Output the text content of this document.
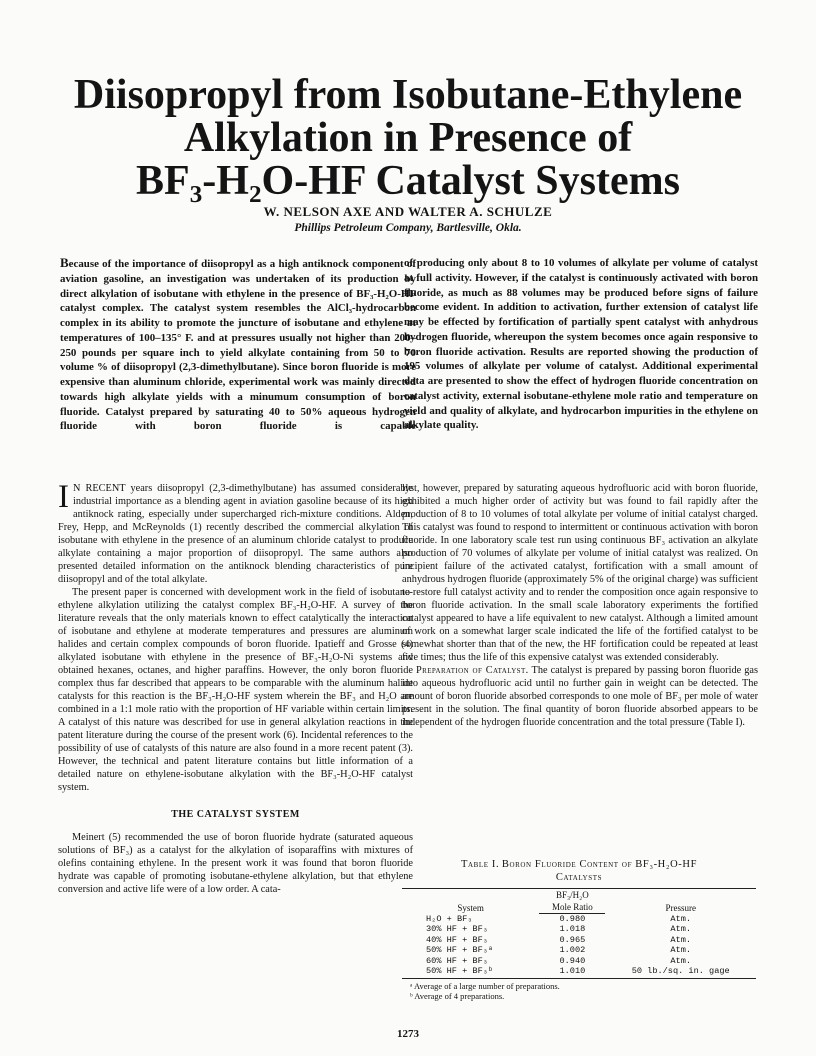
Diisopropyl from Isobutane-Ethylene
Alkylation in Presence of
BF₃-H₂O-HF Catalyst Systems
W. NELSON AXE AND WALTER A. SCHULZE
Phillips Petroleum Company, Bartlesville, Okla.

Because of the importance of diisopropyl as a high antiknock component of aviation gasoline, an investigation was undertaken of its production by direct alkylation of isobutane with ethylene in the presence of BF₃-H₂O-HF catalyst complex. The catalyst system resembles the AlCl₃-hydrocarbon complex in its ability to promote the juncture of isobutane and ethylene at temperatures of 100–135° F. and at pressures usually not higher than 200–250 pounds per square inch to yield alkylate containing from 50 to 70 volume % of diisopropyl (2,3-dimethylbutane). Since boron fluoride is more expensive than aluminum chloride, experimental work was mainly directed towards high alkylate yields with a minumum consumption of boron fluoride. Catalyst prepared by saturating 40 to 50% aqueous hydrogen fluoride with boron fluoride is capable

of producing only about 8 to 10 volumes of alkylate per volume of catalyst at full activity. However, if the catalyst is continuously activated with boron fluoride, as much as 88 volumes may be produced before signs of failure become evident. In addition to activation, further extension of catalyst life may be effected by fortification of partially spent catalyst with anhydrous hydrogen fluoride, whereupon the system becomes once again responsive to boron fluoride activation. Results are reported showing the production of 195 volumes of alkylate per volume of catalyst. Additional experimental data are presented to show the effect of hydrogen fluoride concentration on catalyst activity, external isobutane-ethylene mole ratio and temperature on yield and quality of alkylate, and hydrocarbon impurities in the ethylene on alkylate quality.

I N RECENT years diisopropyl (2,3-dimethylbutane) has assumed considerable industrial importance as a blending agent in aviation gasoline because of its high antiknock rating, especially under supercharged rich-mixture conditions. Alden, Frey, Hepp, and McReynolds (1) recently described the commercial alkylation of isobutane with ethylene in the presence of an aluminum chloride catalyst to produce alkylate containing a major proportion of diisopropyl. The same authors also presented detailed information on the antiknock blending characteristics of pure diisopropyl and of the total alkylate.

The present paper is concerned with development work in the field of isobutane-ethylene alkylation utilizing the catalyst complex BF₃-H₂O-HF. A survey of the literature reveals that the only materials known to effect catalytically the interaction of isobutane and ethylene at moderate temperatures and pressures are aluminum halides and certain complex compounds of boron fluoride. Ipatieff and Grosse (4) alkylated isobutane with ethylene in the presence of BF₃-H₂O-Ni systems and obtained hexanes, octanes, and higher paraffins. However, the only boron fluoride complex thus far described that appears to be comparable with the aluminum halide catalysts for this reaction is the BF₃-H₂O-HF system wherein the BF₃ and H₂O are combined in a 1:1 mole ratio with the proportion of HF variable within certain limits. A catalyst of this nature was described for use in general alkylation reactions in the patent literature during the course of the present work (6). Incidental references to the possibility of use of catalysts of this nature are also found in a more recent patent (3). However, the technical and patent literature contains but little information of a detailed nature on ethylene-isobutane alkylation with the BF₃-H₂O-HF catalyst system.

THE CATALYST SYSTEM

Meinert (5) recommended the use of boron fluoride hydrate (saturated aqueous solutions of BF₃) as a catalyst for the alkylation of isoparaffins with mixtures of olefins containing ethylene. In the present work it was found that boron fluoride hydrate was capable of promoting isobutane-ethylene alkylation, but that ethylene conversion and active life were of a low order. A cata-

lyst, however, prepared by saturating aqueous hydrofluoric acid with boron fluoride, exhibited a much higher order of activity but was found to fail rapidly after the production of 8 to 10 volumes of total alkylate per volume of initial catalyst charged. This catalyst was found to respond to intermittent or continuous activation with boron fluoride. In one laboratory scale test run using continuous BF₃ activation an alkylate production of 70 volumes of alkylate per volume of initial catalyst was realized. On incipient failure of the activated catalyst, fortification with a small amount of anhydrous hydrogen fluoride (approximately 5% of the original charge) was sufficient to restore full catalyst activity and to render the composition once again responsive to boron fluoride activation. In the small scale laboratory experiments the fortified catalyst appeared to have a life equivalent to new catalyst. Although a limited amount of work on a somewhat larger scale indicated the life of the fortified catalyst to be somewhat shorter than that of the new, the HF fortification could be repeated at least five times; thus the life of this expensive catalyst was extended considerably.

Preparation of Catalyst. The catalyst is prepared by passing boron fluoride gas into aqueous hydrofluoric acid until no further gain in weight can be detected. The amount of boron fluoride absorbed corresponds to one mole of BF₃ per mole of water present in the solution. The final quantity of boron fluoride absorbed appears to be independent of the hydrogen fluoride concentration and the total pressure (Table I).

Table I. Boron Fluoride Content of BF₃-H₂O-HF
Catalysts
System	BF₃/H₂O	Pressure
	Mole Ratio	
H₂O + BF₃	0.980	Atm.
30% HF + BF₃	1.018	Atm.
40% HF + BF₃	0.965	Atm.
50% HF + BF₃ᵃ	1.002	Atm.
60% HF + BF₃	0.940	Atm.
50% HF + BF₃ᵇ	1.010	50 lb./sq. in. gage
ᵃ Average of a large number of preparations.
ᵇ Average of 4 preparations.
1273
